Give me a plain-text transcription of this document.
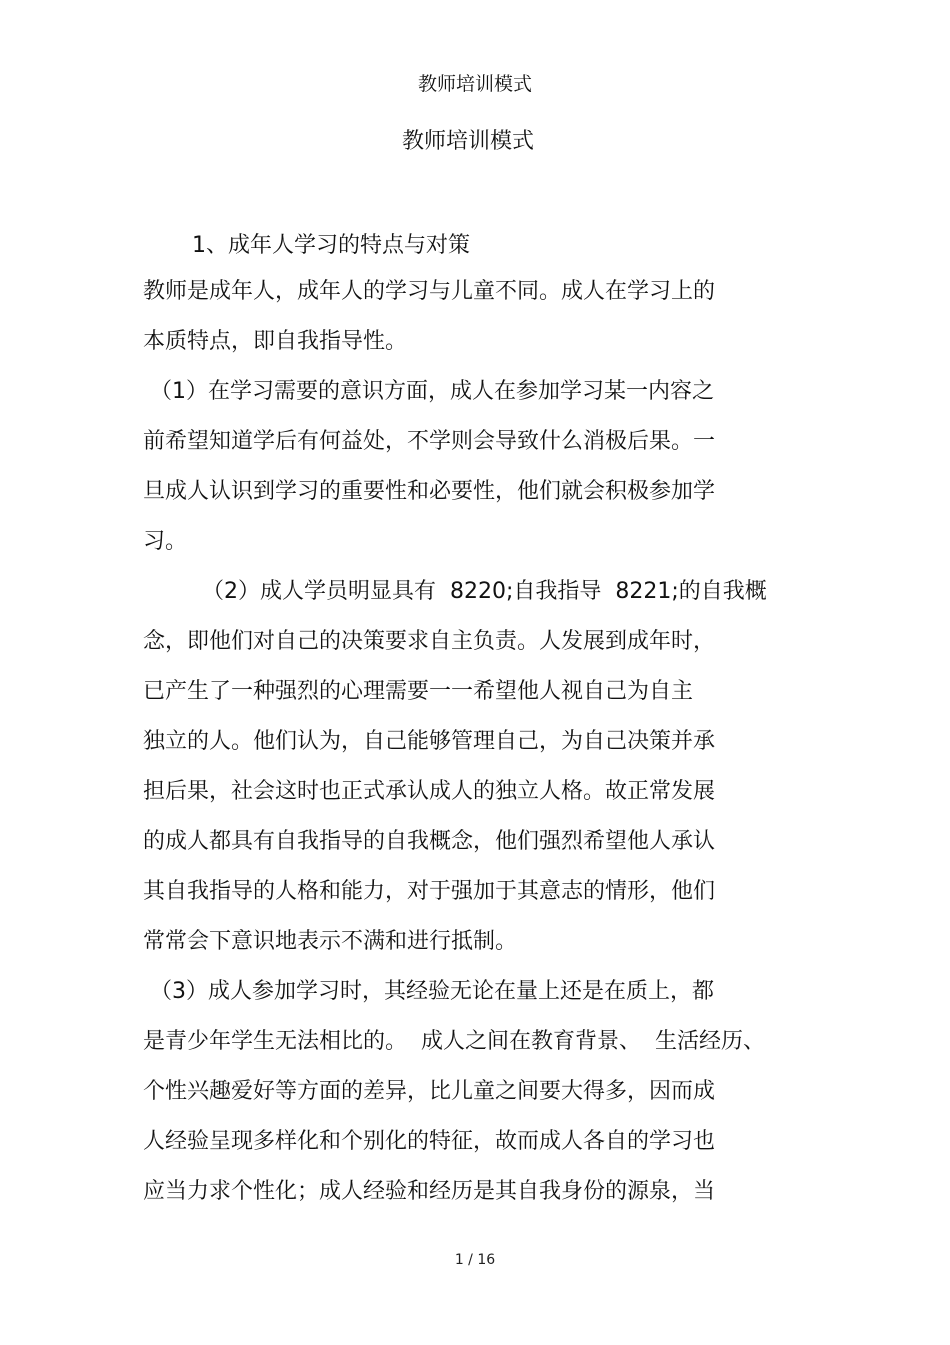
教师培训模式
教师培训模式
1、成年人学习的特点与对策
教师是成年人，成年人的学习与儿童不同。成人在学习上的
本质特点，即自我指导性。
（1）在学习需要的意识方面，成人在参加学习某一内容之
前希望知道学后有何益处，不学则会导致什么消极后果。一
旦成人认识到学习的重要性和必要性，他们就会积极参加学
习。
（2）成人学员明显具有  8220;自我指导  8221;的自我概
念，即他们对自己的决策要求自主负责。人发展到成年时，
已产生了一种强烈的心理需要一一希望他人视自己为自主
独立的人。他们认为，自己能够管理自己，为自己决策并承
担后果，社会这时也正式承认成人的独立人格。故正常发展
的成人都具有自我指导的自我概念，他们强烈希望他人承认
其自我指导的人格和能力，对于强加于其意志的情形，他们
常常会下意识地表示不满和进行抵制。
（3）成人参加学习时，其经验无论在量上还是在质上，都
是青少年学生无法相比的。  成人之间在教育背景、  生活经历、
个性兴趣爱好等方面的差异，比儿童之间要大得多，因而成
人经验呈现多样化和个别化的特征，故而成人各自的学习也
应当力求个性化；成人经验和经历是其自我身份的源泉，当
1 / 16
